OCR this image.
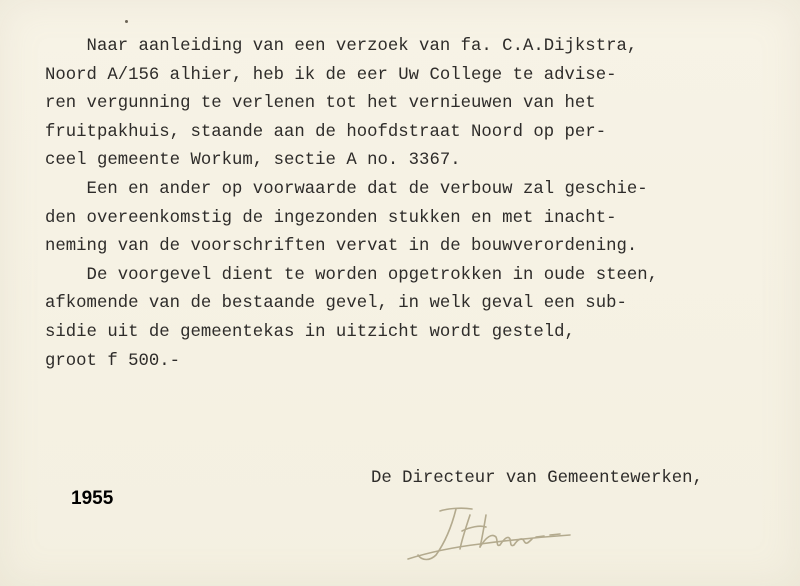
Naar aanleiding van een verzoek van fa. C.A.Dijkstra,
Noord A/156 alhier, heb ik de eer Uw College te advise-
ren vergunning te verlenen tot het vernieuwen van het
fruitpakhuis, staande aan de hoofdstraat Noord op per-
ceel gemeente Workum, sectie A no. 3367.
Een en ander op voorwaarde dat de verbouw zal geschie-
den overeenkomstig de ingezonden stukken en met inacht-
neming van de voorschriften vervat in de bouwverordening.
De voorgevel dient te worden opgetrokken in oude steen,
afkomende van de bestaande gevel, in welk geval een sub-
sidie uit de gemeentekas in uitzicht wordt gesteld,
groot f 500.-
1955
De Directeur van Gemeentewerken,
